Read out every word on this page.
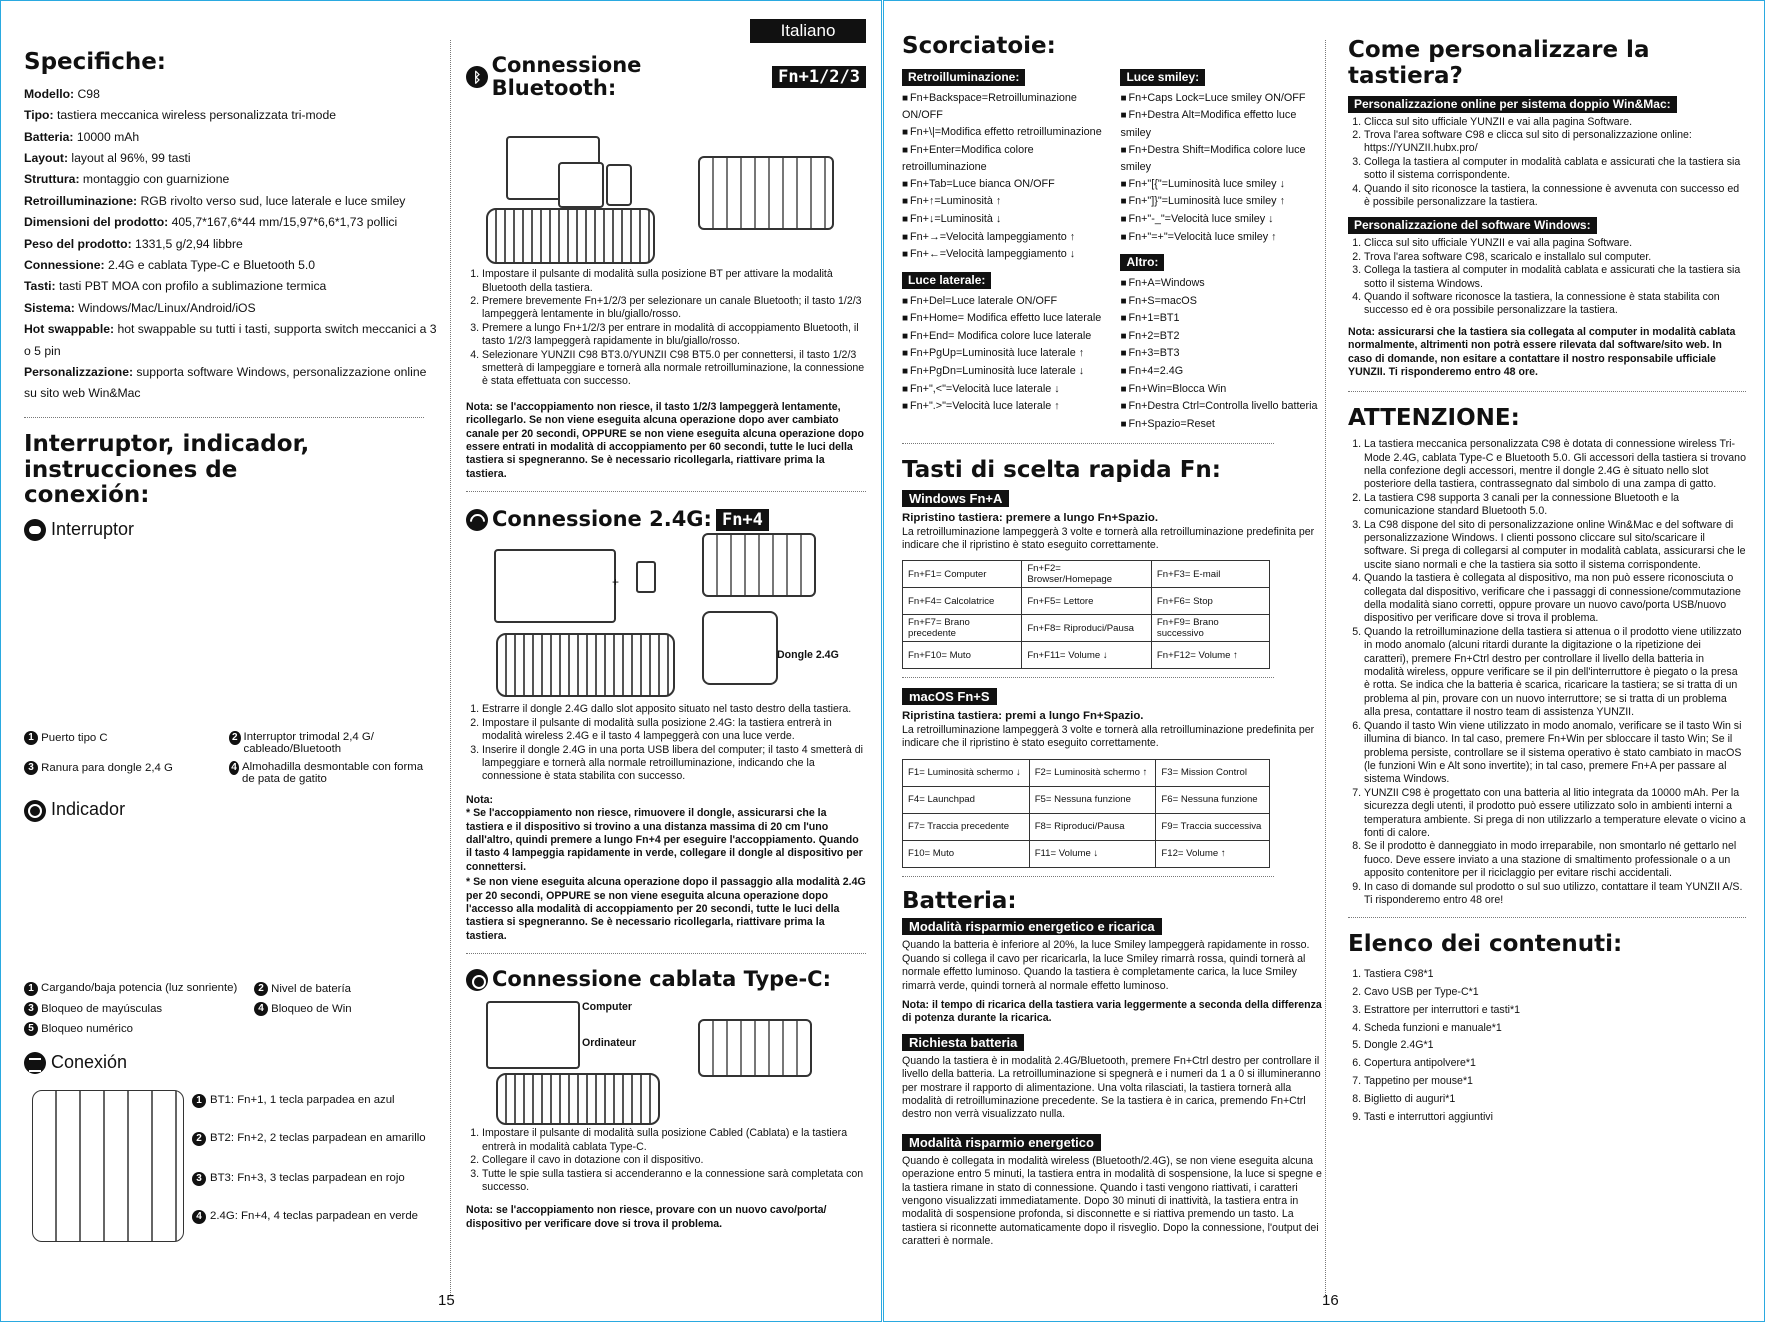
Specifiche:

Modello: C98

Tipo: tastiera meccanica wireless personalizzata tri-mode

Batteria: 10000 mAh

Layout: layout al 96%, 99 tasti

Struttura: montaggio con guarnizione

Retroilluminazione: RGB rivolto verso sud, luce laterale e luce smiley

Dimensioni del prodotto: 405,7*167,6*44 mm/15,97*6,6*1,73 pollici

Peso del prodotto: 1331,5 g/2,94 libbre

Connessione: 2.4G e cablata Type-C e Bluetooth 5.0

Tasti: tasti PBT MOA con profilo a sublimazione termica

Sistema: Windows/Mac/Linux/Android/iOS

Hot swappable: hot swappable su tutti i tasti, supporta switch meccanici a 3 o 5 pin

Personalizzazione: supporta software Windows, personalizzazione online su sito web Win&Mac

Interruptor, indicador, instrucciones de conexión:
Interruptor
1 Puerto tipo C	2 Interruptor trimodal 2,4 G/ cableado/Bluetooth
3 Ranura para dongle 2,4 G	4 Almohadilla desmontable con forma de pata de gatito
Indicador
1 Cargando/baja potencia (luz sonriente)	2 Nivel de batería
3 Bloqueo de mayúsculas	4 Bloqueo de Win
5 Bloqueo numérico
Conexión
1 BT1: Fn+1, 1 tecla parpadea en azul
2 BT2: Fn+2, 2 teclas parpadean en amarillo
3 BT3: Fn+3, 3 teclas parpadean en rojo
4 2.4G: Fn+4, 4 teclas parpadean en verde
Italiano
ᛒ
Connessione Bluetooth:	Fn+1/2/3
1. Impostare il pulsante di modalità sulla posizione BT per attivare la modalità Bluetooth della tastiera.
2. Premere brevemente Fn+1/2/3 per selezionare un canale Bluetooth; il tasto 1/2/3 lampeggerà lentamente in blu/giallo/rosso.
3. Premere a lungo Fn+1/2/3 per entrare in modalità di accoppiamento Bluetooth, il tasto 1/2/3 lampeggerà rapidamente in blu/giallo/rosso.
4. Selezionare YUNZII C98 BT3.0/YUNZII C98 BT5.0 per connettersi, il tasto 1/2/3 smetterà di lampeggiare e tornerà alla normale retroilluminazione, la connessione è stata effettuata con successo.

Nota: se l'accoppiamento non riesce, il tasto 1/2/3 lampeggerà lentamente, ricollegarlo. Se non viene eseguita alcuna operazione dopo aver cambiato canale per 20 secondi, OPPURE se non viene eseguita alcuna operazione dopo essere entrati in modalità di accoppiamento per 60 secondi, tutte le luci della tastiera si spegneranno. Se è necessario ricollegarla, riattivare prima la tastiera.

Connessione 2.4G: Fn+4
+
Dongle 2.4G
1. Estrarre il dongle 2.4G dallo slot apposito situato nel tasto destro della tastiera.
2. Impostare il pulsante di modalità sulla posizione 2.4G: la tastiera entrerà in modalità wireless 2.4G e il tasto 4 lampeggerà con una luce verde.
3. Inserire il dongle 2.4G in una porta USB libera del computer; il tasto 4 smetterà di lampeggiare e tornerà alla normale retroilluminazione, indicando che la connessione è stata stabilita con successo.

Nota:

* Se l'accoppiamento non riesce, rimuovere il dongle, assicurarsi che la tastiera e il dispositivo si trovino a una distanza massima di 20 cm l'uno dall'altro, quindi premere a lungo Fn+4 per eseguire l'accoppiamento. Quando il tasto 4 lampeggia rapidamente in verde, collegare il dongle al dispositivo per connettersi.

* Se non viene eseguita alcuna operazione dopo il passaggio alla modalità 2.4G per 20 secondi, OPPURE se non viene eseguita alcuna operazione dopo l'accesso alla modalità di accoppiamento per 20 secondi, tutte le luci della tastiera si spegneranno. Se è necessario ricollegarla, riattivare prima la tastiera.

Connessione cablata Type-C:
Computer
Ordinateur
1. Impostare il pulsante di modalità sulla posizione Cabled (Cablata) e la tastiera entrerà in modalità cablata Type-C.
2. Collegare il cavo in dotazione con il dispositivo.
3. Tutte le spie sulla tastiera si accenderanno e la connessione sarà completata con successo.

Nota: se l'accoppiamento non riesce, provare con un nuovo cavo/porta/ dispositivo per verificare dove si trova il problema.

15	16
Scorciatoie:
Retroilluminazione:
■ Fn+Backspace=Retroilluminazione ON/OFF
■ Fn+\|=Modifica effetto retroilluminazione
■ Fn+Enter=Modifica colore retroilluminazione
■ Fn+Tab=Luce bianca ON/OFF
■ Fn+↑=Luminosità ↑
■ Fn+↓=Luminosità ↓
■ Fn+→=Velocità lampeggiamento ↑
■ Fn+←=Velocità lampeggiamento ↓
Luce laterale:
■ Fn+Del=Luce laterale ON/OFF
■ Fn+Home= Modifica effetto luce laterale
■ Fn+End= Modifica colore luce laterale
■ Fn+PgUp=Luminosità luce laterale ↑
■ Fn+PgDn=Luminosità luce laterale ↓
■ Fn+",<"=Velocità luce laterale ↓
■ Fn+".>"=Velocità luce laterale ↑
Luce smiley:
■ Fn+Caps Lock=Luce smiley ON/OFF
■ Fn+Destra Alt=Modifica effetto luce smiley
■ Fn+Destra Shift=Modifica colore luce smiley
■ Fn+"[{"=Luminosità luce smiley ↓
■ Fn+"]}"=Luminosità luce smiley ↑
■ Fn+"-_"=Velocità luce smiley ↓
■ Fn+"=+"=Velocità luce smiley ↑
Altro:
■ Fn+A=Windows
■ Fn+S=macOS
■ Fn+1=BT1
■ Fn+2=BT2
■ Fn+3=BT3
■ Fn+4=2.4G
■ Fn+Win=Blocca Win
■ Fn+Destra Ctrl=Controlla livello batteria
■ Fn+Spazio=Reset
Tasti di scelta rapida Fn:
Windows Fn+A

Ripristino tastiera: premere a lungo Fn+Spazio.

La retroilluminazione lampeggerà 3 volte e tornerà alla retroilluminazione predefinita per indicare che il ripristino è stato eseguito correttamente.

Fn+F1= Computer	Fn+F2= Browser/Homepage	Fn+F3= E-mail
Fn+F4= Calcolatrice	Fn+F5= Lettore	Fn+F6= Stop
Fn+F7= Brano precedente	Fn+F8= Riproduci/Pausa	Fn+F9= Brano successivo
Fn+F10= Muto	Fn+F11= Volume ↓	Fn+F12= Volume ↑
macOS Fn+S

Ripristina tastiera: premi a lungo Fn+Spazio.

La retroilluminazione lampeggerà 3 volte e tornerà alla retroilluminazione predefinita per indicare che il ripristino è stato eseguito correttamente.

F1= Luminosità schermo ↓	F2= Luminosità schermo ↑	F3= Mission Control
F4= Launchpad	F5= Nessuna funzione	F6= Nessuna funzione
F7= Traccia precedente	F8= Riproduci/Pausa	F9= Traccia successiva
F10= Muto	F11= Volume ↓	F12= Volume ↑
Batteria:
Modalità risparmio energetico e ricarica

Quando la batteria è inferiore al 20%, la luce Smiley lampeggerà rapidamente in rosso. Quando si collega il cavo per ricaricarla, la luce Smiley rimarrà rossa, quindi tornerà al normale effetto luminoso. Quando la tastiera è completamente carica, la luce Smiley rimarrà verde, quindi tornerà al normale effetto luminoso.

Nota: il tempo di ricarica della tastiera varia leggermente a seconda della differenza di potenza durante la ricarica.

Richiesta batteria

Quando la tastiera è in modalità 2.4G/Bluetooth, premere Fn+Ctrl destro per controllare il livello della batteria. La retroilluminazione si spegnerà e i numeri da 1 a 0 si illumineranno per mostrare il rapporto di alimentazione. Una volta rilasciati, la tastiera tornerà alla modalità di retroilluminazione precedente. Se la tastiera è in carica, premendo Fn+Ctrl destro non verrà visualizzato nulla.

Modalità risparmio energetico

Quando è collegata in modalità wireless (Bluetooth/2.4G), se non viene eseguita alcuna operazione entro 5 minuti, la tastiera entra in modalità di sospensione, la luce si spegne e la tastiera rimane in stato di connessione. Quando i tasti vengono riattivati, i caratteri vengono visualizzati immediatamente. Dopo 30 minuti di inattività, la tastiera entra in modalità di sospensione profonda, si disconnette e si riattiva premendo un tasto. La tastiera si riconnette automaticamente dopo il risveglio. Dopo la connessione, l'output dei caratteri è normale.

Come personalizzare la tastiera?
Personalizzazione online per sistema doppio Win&Mac:
1. Clicca sul sito ufficiale YUNZII e vai alla pagina Software.
2. Trova l'area software C98 e clicca sul sito di personalizzazione online: https://YUNZII.hubx.pro/
3. Collega la tastiera al computer in modalità cablata e assicurati che la tastiera sia sotto il sistema corrispondente.
4. Quando il sito riconosce la tastiera, la connessione è avvenuta con successo ed è possibile personalizzare la tastiera.
Personalizzazione del software Windows:
1. Clicca sul sito ufficiale YUNZII e vai alla pagina Software.
2. Trova l'area software C98, scaricalo e installalo sul computer.
3. Collega la tastiera al computer in modalità cablata e assicurati che la tastiera sia sotto il sistema Windows.
4. Quando il software riconosce la tastiera, la connessione è stata stabilita con successo ed è ora possibile personalizzare la tastiera.

Nota: assicurarsi che la tastiera sia collegata al computer in modalità cablata normalmente, altrimenti non potrà essere rilevata dal software/sito web. In caso di domande, non esitare a contattare il nostro responsabile ufficiale YUNZII. Ti risponderemo entro 48 ore.

ATTENZIONE:
1. La tastiera meccanica personalizzata C98 è dotata di connessione wireless Tri-Mode 2.4G, cablata Type-C e Bluetooth 5.0. Gli accessori della tastiera si trovano nella confezione degli accessori, mentre il dongle 2.4G è situato nello slot posteriore della tastiera, contrassegnato dal simbolo di una zampa di gatto.
2. La tastiera C98 supporta 3 canali per la connessione Bluetooth e la comunicazione standard Bluetooth 5.0.
3. La C98 dispone del sito di personalizzazione online Win&Mac e del software di personalizzazione Windows. I clienti possono cliccare sul sito/scaricare il software. Si prega di collegarsi al computer in modalità cablata, assicurarsi che le uscite siano normali e che la tastiera sia sotto il sistema corrispondente.
4. Quando la tastiera è collegata al dispositivo, ma non può essere riconosciuta o collegata dal dispositivo, verificare che i passaggi di connessione/commutazione della modalità siano corretti, oppure provare un nuovo cavo/porta USB/nuovo dispositivo per verificare dove si trova il problema.
5. Quando la retroilluminazione della tastiera si attenua o il prodotto viene utilizzato in modo anomalo (alcuni ritardi durante la digitazione o la ripetizione dei caratteri), premere Fn+Ctrl destro per controllare il livello della batteria in modalità wireless, oppure verificare se il pin dell'interruttore è piegato o la presa è rotta. Se indica che la batteria è scarica, ricaricare la tastiera; se si tratta di un problema al pin, provare con un nuovo interruttore; se si tratta di un problema alla presa, contattare il nostro team di assistenza YUNZII.
6. Quando il tasto Win viene utilizzato in modo anomalo, verificare se il tasto Win si illumina di bianco. In tal caso, premere Fn+Win per sbloccare il tasto Win; Se il problema persiste, controllare se il sistema operativo è stato cambiato in macOS (le funzioni Win e Alt sono invertite); in tal caso, premere Fn+A per passare al sistema Windows.
7. YUNZII C98 è progettato con una batteria al litio integrata da 10000 mAh. Per la sicurezza degli utenti, il prodotto può essere utilizzato solo in ambienti interni a temperatura ambiente. Si prega di non utilizzarlo a temperature elevate o vicino a fonti di calore.
8. Se il prodotto è danneggiato in modo irreparabile, non smontarlo né gettarlo nel fuoco. Deve essere inviato a una stazione di smaltimento professionale o a un apposito contenitore per il riciclaggio per evitare rischi accidentali.
9. In caso di domande sul prodotto o sul suo utilizzo, contattare il team YUNZII A/S. Ti risponderemo entro 48 ore!
Elenco dei contenuti:
1. Tastiera C98*1
2. Cavo USB per Type-C*1
3. Estrattore per interruttori e tasti*1
4. Scheda funzioni e manuale*1
5. Dongle 2.4G*1
6. Copertura antipolvere*1
7. Tappetino per mouse*1
8. Biglietto di auguri*1
9. Tasti e interruttori aggiuntivi
